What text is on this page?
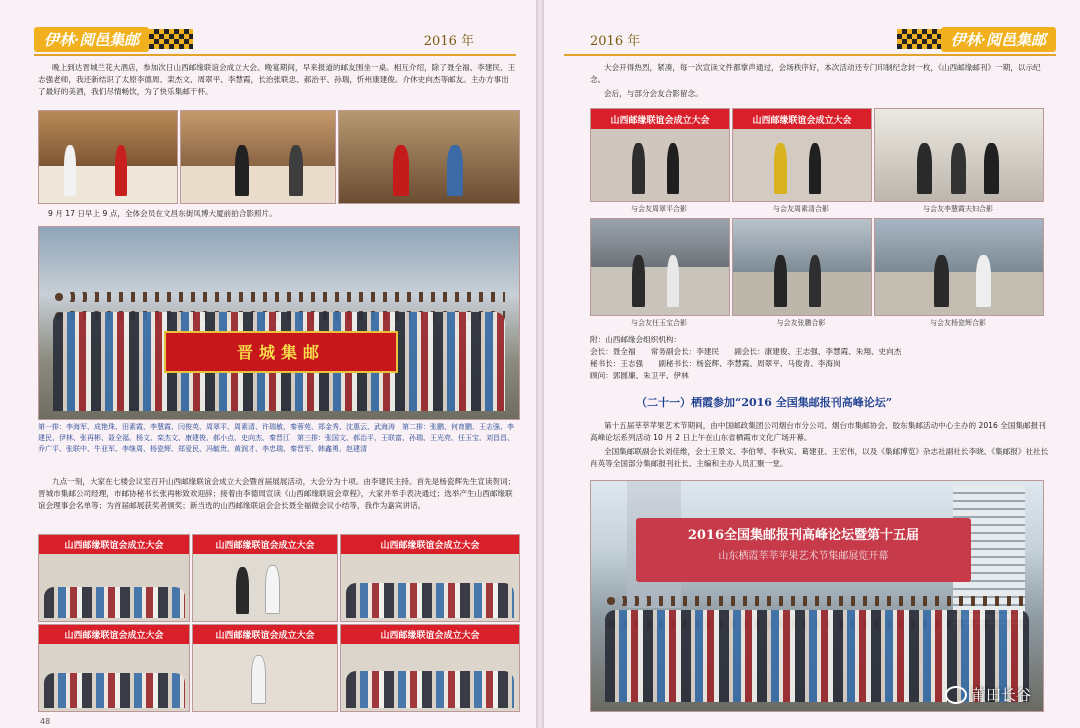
伊林·阅邑集邮	2016 年
晚上到达晋城兰花大酒店，参加次日山西邮缘联谊会成立大会。晚宴期间，早来报道的邮友围坐一桌。相互介绍，除了聂全福、李建民、王志强老师，我还新结识了太原李德周、栾杰文、周翠平、李慧霞，长治张联忠、郝治平、孙瑞，忻州康建俊。介休史向杰等邮友。主办方事出了最好的美酒，我们尽情畅饮，为了快乐集邮干杯。
9 月 17 日早上 9 点，全体会员在文昌东街凤博大厦前拍合影照片。
晋城集邮
第一排：李海军、成艳珠、田素霞、李慧霞、闫俊英、周翠平、周素清、许瑞敏、秦蓉苑、郑金秀、沈惠云、武海涛　第二排：张鹏、何育鹏、王志强、李建民、伊林、张再彬、聂全福、杨文、栾杰文、康建俊、郝小点、史向杰、秦晋江　第三排：张国文、郝治平、王联富、孙瑞、王光亮、任玉宝、刘昌昌、乔广平、张联中、牛亚军、李继周、杨瓷辉、郑爱民、冯毓贵、黄润才、李忠瑞、秦晋军、韩鑫勇、赵建清
九点一刻，大家在七楼会议室召开山西邮缘联谊会成立大会暨首届展展活动，大会分为十项。由李建民主持。首先是杨瓷辉先生宣读贺词；晋城市集邮公司经理，市邮协秘书长张再彬致欢迎辞；接着由李德周宣读《山西邮缘联谊会章程》，大家并举手表决通过；选举产生山西邮缘联谊会理事会名单等；为首届邮展获奖者颁奖；新当选的山西邮缘联谊会会长聂全福做会议小结等，我作为嘉宾讲话。
山西邮缘联谊会成立大会	山西邮缘联谊会成立大会	山西邮缘联谊会成立大会
山西邮缘联谊会成立大会	山西邮缘联谊会成立大会	山西邮缘联谊会成立大会
48
2016 年	伊林·阅邑集邮
大会开得热烈，紧凑，每一次宣读文件都掌声通过，会场秩序好，本次活动还专门印制纪念封一枚，《山西邮缘邮刊》一期，以示纪念。
会后，与部分会友合影留念。
山西邮缘联谊会成立大会	山西邮缘联谊会成立大会
与会友周翠平合影	与会友周素清合影	与会友李慧霞夫妇合影
与会友任玉宝合影	与会友张鹏合影	与会友杨瓷辉合影
附：山西邮缘会组织机构：
会长：聂全福　　常务副会长：李建民　　副会长：康建俊、王志强、李慧霞、朱翔、史向杰
秘书长：王志强　　副秘书长：杨瓷辉、李慧霞、周翠平、马俊青、李海岗
顾问：郭圆廉、朱卫平、伊林
（二十一）栖霞参加“2016 全国集邮报刊高峰论坛”
第十五届莘莘苹果艺术节期间，由中国邮政集团公司烟台市分公司、烟台市集邮协会、胶东集邮活动中心主办的 2016 全国集邮报刊高峰论坛系列活动 10 月 2 日上午在山东省栖霞市文化广场开幕。
全国集邮联副会长刘佳维，会士王景文、李伯琴、李秋实、葛建亚、王宏伟，以及《集邮博览》杂志社副社长李晓、《集邮报》社社长肖英等全国部分集邮报刊社长、主编和主办人员汇聚一堂。
2016全国集邮报刊高峰论坛暨第十五届
山东栖霞莘莘苹果艺术节集邮展览开幕
莆田长谷
